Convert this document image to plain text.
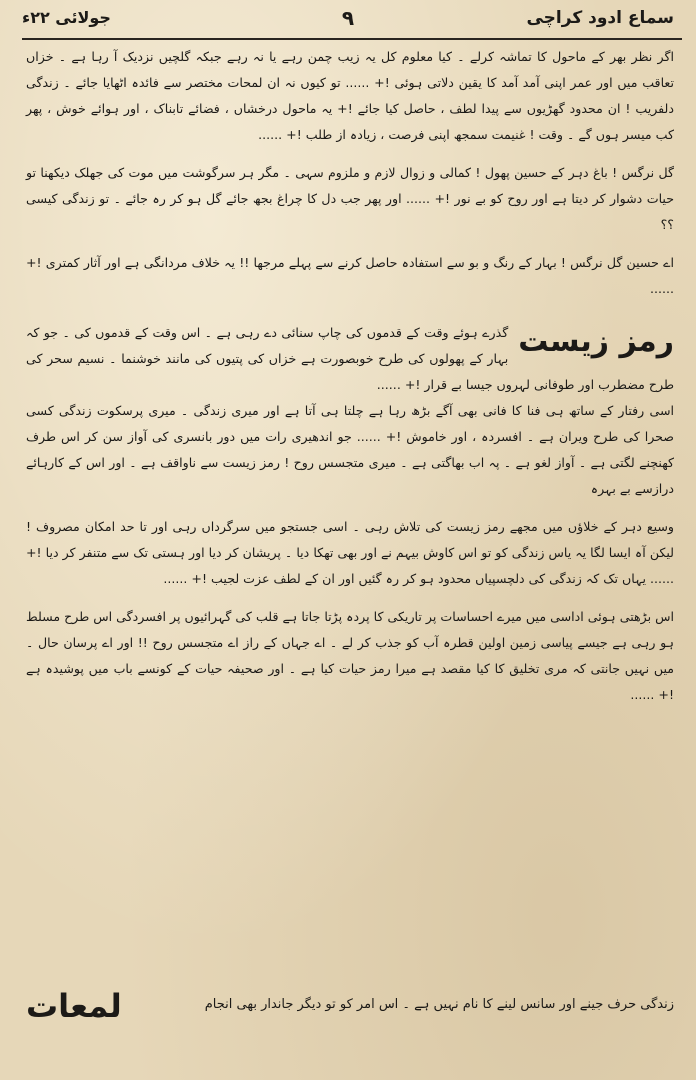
سماع ادود کراچی
۹
جولائی ۲۲ء

اگر نظر بھر کے ماحول کا تماشہ کرلے ۔ کیا معلوم کل یہ زیب چمن رہے یا نہ رہے جبکہ گلچیں نزدیک آ رہا ہے ۔ خزاں تعاقب میں اور عمر اپنی آمد آمد کا یقین دلاتی ہوئی !+ ...... تو کیوں نہ ان لمحات مختصر سے فائدہ اٹھایا جائے ۔ زندگی دلفریب ! ان محدود گھڑیوں سے پیدا لطف ، حاصل کیا جائے !+ یہ ماحول درخشاں ، فضائے تابناک ، اور ہوائے خوش ، پھر کب میسر ہوں گے ۔ وقت ! غنیمت سمجھ اپنی فرصت ، زیادہ از طلب !+ ......

گل نرگس ! باغ دہر کے حسین پھول ! کمالی و زوال لازم و ملزوم سہی ۔ مگر ہر سرگوشت میں موت کی جھلک دیکھنا تو حیات دشوار کر دیتا ہے اور روح کو بے نور !+ ...... اور پھر جب دل کا چراغ بجھ جائے گل ہو کر رہ جائے ۔ تو زندگی کیسی ؟؟

اے حسین گل نرگس ! بہار کے رنگ و بو سے استفادہ حاصل کرنے سے پہلے مرجھا !! یہ خلاف مردانگی ہے اور آثار کمتری !+ ......

رمز زیست
گذرے ہوئے وقت کے قدموں کی چاپ سنائی دے رہی ہے ۔ اس وقت کے قدموں کی ۔ جو کہ بہار کے پھولوں کی طرح خوبصورت ہے خزاں کی پتیوں کی مانند خوشنما ۔ نسیم سحر کی طرح مضطرب اور طوفانی لہروں جیسا بے قرار !+ ......

اسی رفتار کے ساتھ ہی فنا کا فانی بھی آگے بڑھ رہا ہے چلتا ہی آتا ہے اور میری زندگی ۔ میری پرسکوت زندگی کسی صحرا کی طرح ویران ہے ۔ افسردہ ، اور خاموش !+ ...... جو اندھیری رات میں دور بانسری کی آواز سن کر اس طرف کھنچنے لگتی ہے ۔ آواز لغو ہے ۔ پہ اب بھاگتی ہے ۔ میری متجسس روح ! رمز زیست سے ناواقف ہے ۔ اور اس کے کارہائے درازسے بے بہرہ

وسیع دہر کے خلاؤں میں مجھے رمز زیست کی تلاش رہی ۔ اسی جستجو میں سرگرداں رہی اور تا حد امکان مصروف ! لیکن آہ ایسا لگا یہ یاس زندگی کو تو اس کاوش بیہم نے اور بھی تھکا دیا ۔ پریشان کر دیا اور ہستی تک سے متنفر کر دیا !+ ...... یہاں تک کہ زندگی کی دلچسپیاں محدود ہو کر رہ گئیں اور ان کے لطف عزت لجیب !+ ......

اس بڑھتی ہوئی اداسی میں میرے احساسات پر تاریکی کا پردہ پڑتا جاتا ہے قلب کی گہرائیوں پر افسردگی اس طرح مسلط ہو رہی ہے جیسے پیاسی زمین اولین قطرہ آب کو جذب کر لے ۔ اے جہاں کے راز اے متجسس روح !! اور اے پرسان حال ۔ میں نہیں جانتی کہ مری تخلیق کا کیا مقصد ہے میرا رمز حیات کیا ہے ۔ اور صحیفہ حیات کے کونسے باب میں پوشیدہ ہے !+ ......

لمعات	زندگی حرف جینے اور سانس لینے کا نام نہیں ہے ۔ اس امر کو تو دیگر جاندار بھی انجام
